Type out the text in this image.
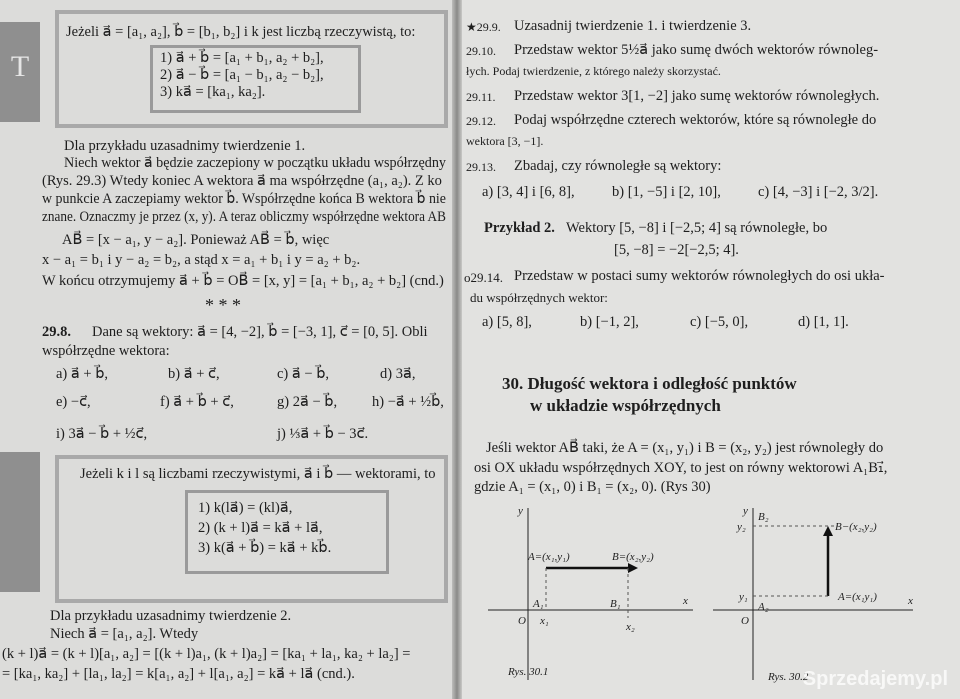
T
Jeżeli a⃗ = [a₁, a₂], b⃗ = [b₁, b₂] i k jest liczbą rzeczywistą, to:
1) a⃗ + b⃗ = [a₁ + b₁, a₂ + b₂],
2) a⃗ − b⃗ = [a₁ − b₁, a₂ − b₂],
3) ka⃗ = [ka₁, ka₂].
Dla przykładu uzasadnimy twierdzenie 1.
Niech wektor a⃗ będzie zaczepiony w początku układu współrzędny
(Rys. 29.3) Wtedy koniec A wektora a⃗ ma współrzędne (a₁, a₂). Z ko
w punkcie A zaczepiamy wektor b⃗. Współrzędne końca B wektora b⃗ nie
znane. Oznaczmy je przez (x, y). A teraz obliczmy współrzędne wektora AB
AB⃗ = [x − a₁, y − a₂]. Ponieważ AB⃗ = b⃗, więc
x − a₁ = b₁ i y − a₂ = b₂, a stąd x = a₁ + b₁ i y = a₂ + b₂.
W końcu otrzymujemy a⃗ + b⃗ = OB⃗ = [x, y] = [a₁ + b₁, a₂ + b₂] (cnd.)
* * *
29.8. Dane są wektory: a⃗ = [4, −2], b⃗ = [−3, 1], c⃗ = [0, 5]. Obli
współrzędne wektora:
a) a⃗ + b⃗,	b) a⃗ + c⃗,	c) a⃗ − b⃗,	d) 3a⃗,
e) −c⃗,	f) a⃗ + b⃗ + c⃗,	g) 2a⃗ − b⃗, h) −a⃗ + ½b⃗,
i) 3a⃗ − b⃗ + ½c⃗,	j) ⅓a⃗ + b⃗ − 3c⃗.
Jeżeli k i l są liczbami rzeczywistymi, a⃗ i b⃗ — wektorami, to
1) k(la⃗) = (kl)a⃗,
2) (k + l)a⃗ = ka⃗ + la⃗,
3) k(a⃗ + b⃗) = ka⃗ + kb⃗.
Dla przykładu uzasadnimy twierdzenie 2.
Niech a⃗ = [a₁, a₂]. Wtedy
(k + l)a⃗ = (k + l)[a₁, a₂] = [(k + l)a₁, (k + l)a₂] = [ka₁ + la₁, ka₂ + la₂] =
= [ka₁, ka₂] + [la₁, la₂] = k[a₁, a₂] + l[a₁, a₂] = ka⃗ + la⃗ (cnd.).
★29.9. Uzasadnij twierdzenie 1. i twierdzenie 3.
29.10. Przedstaw wektor 5½a⃗ jako sumę dwóch wektorów równoleg-
łych. Podaj twierdzenie, z którego należy skorzystać.
29.11. Przedstaw wektor 3[1, −2] jako sumę wektorów równoległych.
29.12. Podaj współrzędne czterech wektorów, które są równoległe do
wektora [3, −1].
29.13. Zbadaj, czy równoległe są wektory:
a) [3, 4] i [6, 8],	b) [1, −5] i [2, 10],	c) [4, −3] i [−2, 3/2].
Przykład 2. Wektory [5, −8] i [−2,5; 4] są równoległe, bo
[5, −8] = −2[−2,5; 4].
o29.14. Przedstaw w postaci sumy wektorów równoległych do osi ukła-
du współrzędnych wektor:
a) [5, 8],	b) [−1, 2],	c) [−5, 0],	d) [1, 1].
30. Długość wektora i odległość punktów
w układzie współrzędnych
Jeśli wektor AB⃗ taki, że A = (x₁, y₁) i B = (x₂, y₂) jest równoległy do
osi OX układu współrzędnych XOY, to jest on równy wektorowi A₁B₁⃗,
gdzie A₁ = (x₁, 0) i B₁ = (x₂, 0). (Rys 30)
y
x
O
A=(x₁,y₁)	B=(x₂,y₂)
A₁	B₁
x₁	x₂
Rys. 30.1
y
x
O
A=(x₁y₁)
B−(x₂,y₂)
A₂
B₂
y₁
y₂
Rys. 30.2
Sprzedajemy.pl
